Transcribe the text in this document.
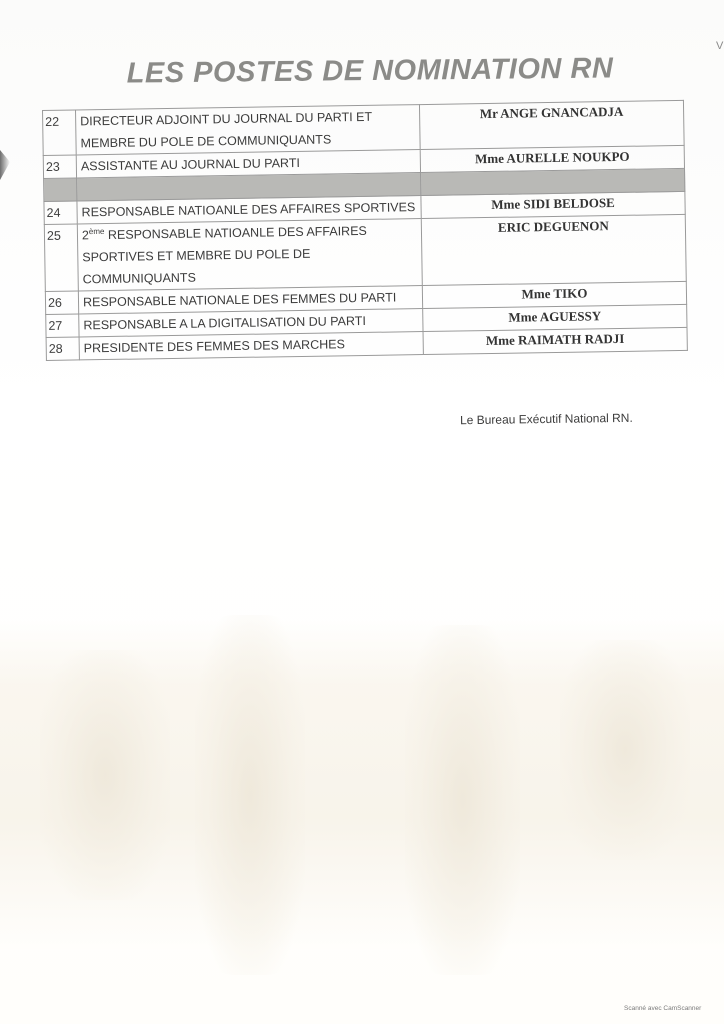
V
LES POSTES DE NOMINATION RN
22	DIRECTEUR ADJOINT DU JOURNAL DU PARTI ET
MEMBRE DU POLE DE COMMUNIQUANTS	Mr ANGE GNANCADJA
23	ASSISTANTE AU JOURNAL DU PARTI	Mme AURELLE NOUKPO

24	RESPONSABLE NATIOANLE DES AFFAIRES SPORTIVES	Mme SIDI BELDOSE
25	2ème RESPONSABLE NATIOANLE DES AFFAIRES
SPORTIVES ET MEMBRE DU POLE DE
COMMUNIQUANTS	ERIC DEGUENON
26	RESPONSABLE NATIONALE DES FEMMES DU PARTI	Mme TIKO
27	RESPONSABLE A LA DIGITALISATION DU PARTI	Mme AGUESSY
28	PRESIDENTE DES FEMMES DES MARCHES	Mme RAIMATH RADJI
Le Bureau Exécutif National RN.
Scanné avec CamScanner
